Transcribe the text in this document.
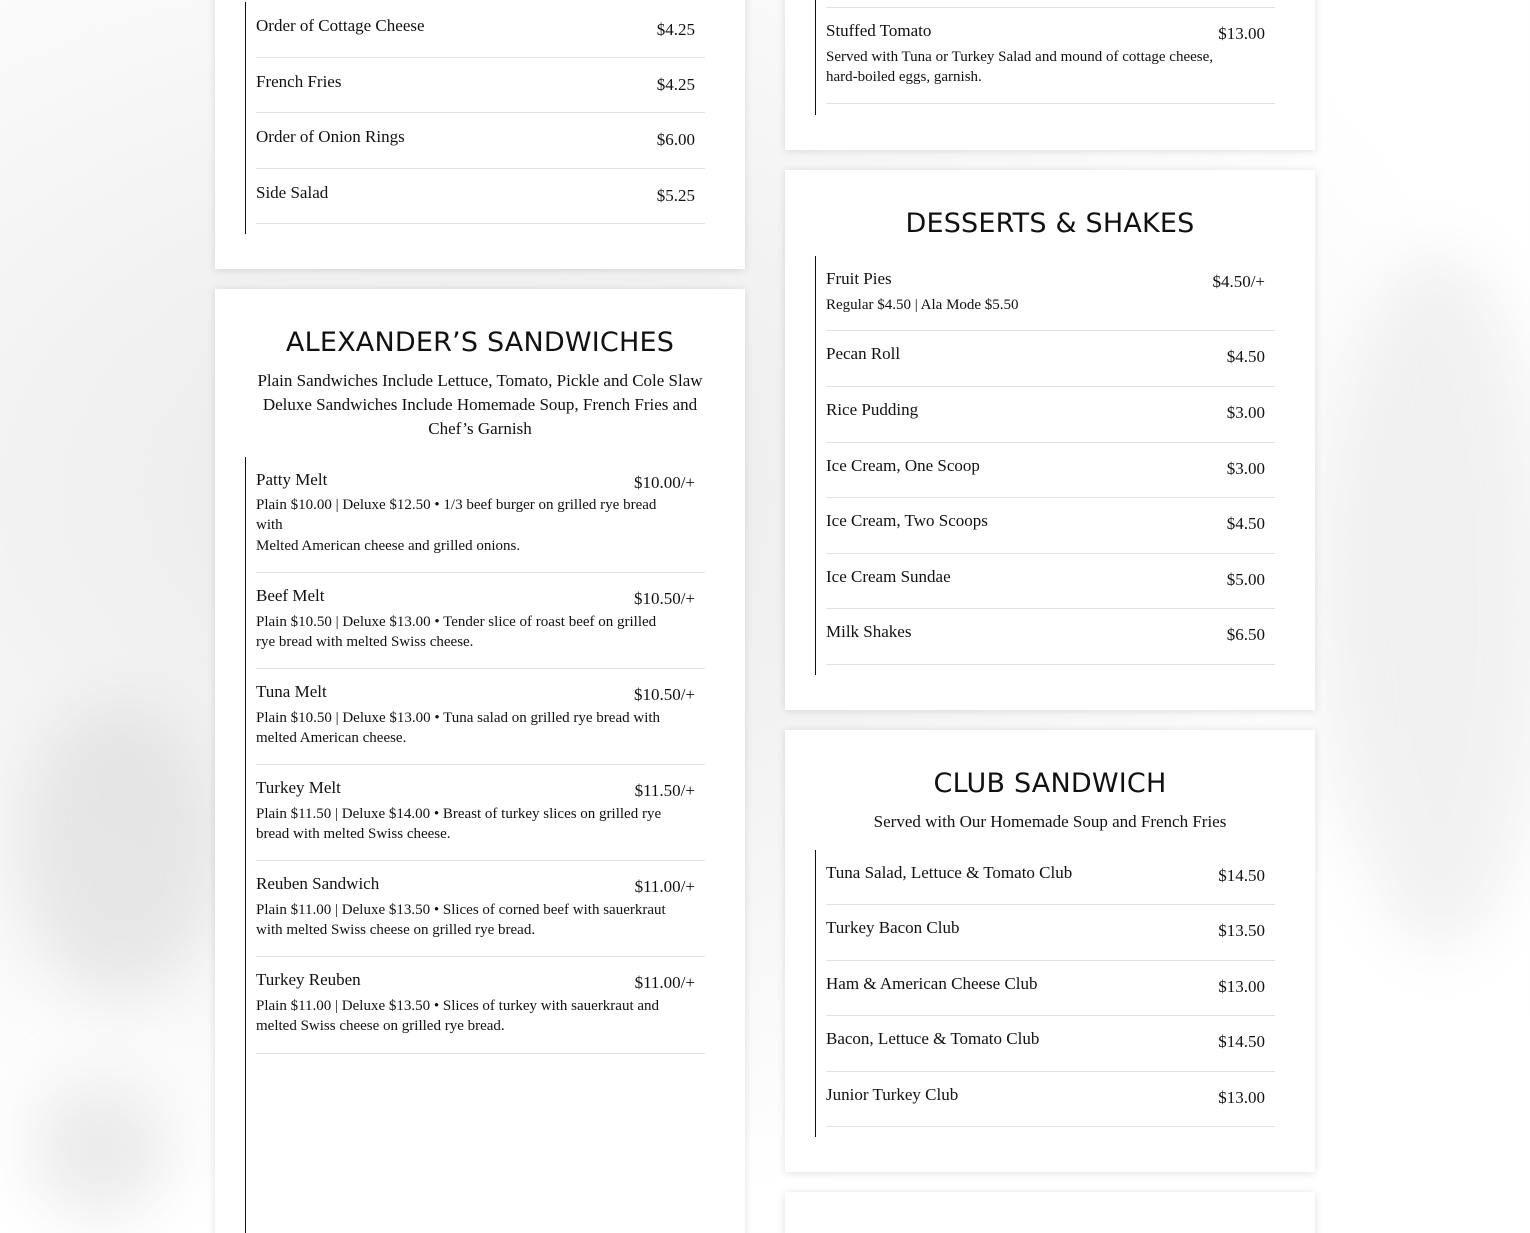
Order of Cottage Cheese	$4.25
French Fries	$4.25
Order of Onion Rings	$6.00
Side Salad	$5.25
ALEXANDER’S SANDWICHES
Plain Sandwiches Include Lettuce, Tomato, Pickle and Cole Slaw
Deluxe Sandwiches Include Homemade Soup, French Fries and
Chef’s Garnish
Patty Melt	$10.00/+
Plain $10.00 | Deluxe $12.50 • 1/3 beef burger on grilled rye bread
with
Melted American cheese and grilled onions.
Beef Melt	$10.50/+
Plain $10.50 | Deluxe $13.00 • Tender slice of roast beef on grilled
rye bread with melted Swiss cheese.
Tuna Melt	$10.50/+
Plain $10.50 | Deluxe $13.00 • Tuna salad on grilled rye bread with
melted American cheese.
Turkey Melt	$11.50/+
Plain $11.50 | Deluxe $14.00 • Breast of turkey slices on grilled rye
bread with melted Swiss cheese.
Reuben Sandwich	$11.00/+
Plain $11.00 | Deluxe $13.50 • Slices of corned beef with sauerkraut
with melted Swiss cheese on grilled rye bread.
Turkey Reuben	$11.00/+
Plain $11.00 | Deluxe $13.50 • Slices of turkey with sauerkraut and
melted Swiss cheese on grilled rye bread.
Stuffed Tomato	$13.00
Served with Tuna or Turkey Salad and mound of cottage cheese,
hard-boiled eggs, garnish.
DESSERTS & SHAKES
Fruit Pies	$4.50/+
Regular $4.50 | Ala Mode $5.50
Pecan Roll	$4.50
Rice Pudding	$3.00
Ice Cream, One Scoop	$3.00
Ice Cream, Two Scoops	$4.50
Ice Cream Sundae	$5.00
Milk Shakes	$6.50
CLUB SANDWICH
Served with Our Homemade Soup and French Fries
Tuna Salad, Lettuce & Tomato Club	$14.50
Turkey Bacon Club	$13.50
Ham & American Cheese Club	$13.00
Bacon, Lettuce & Tomato Club	$14.50
Junior Turkey Club	$13.00
